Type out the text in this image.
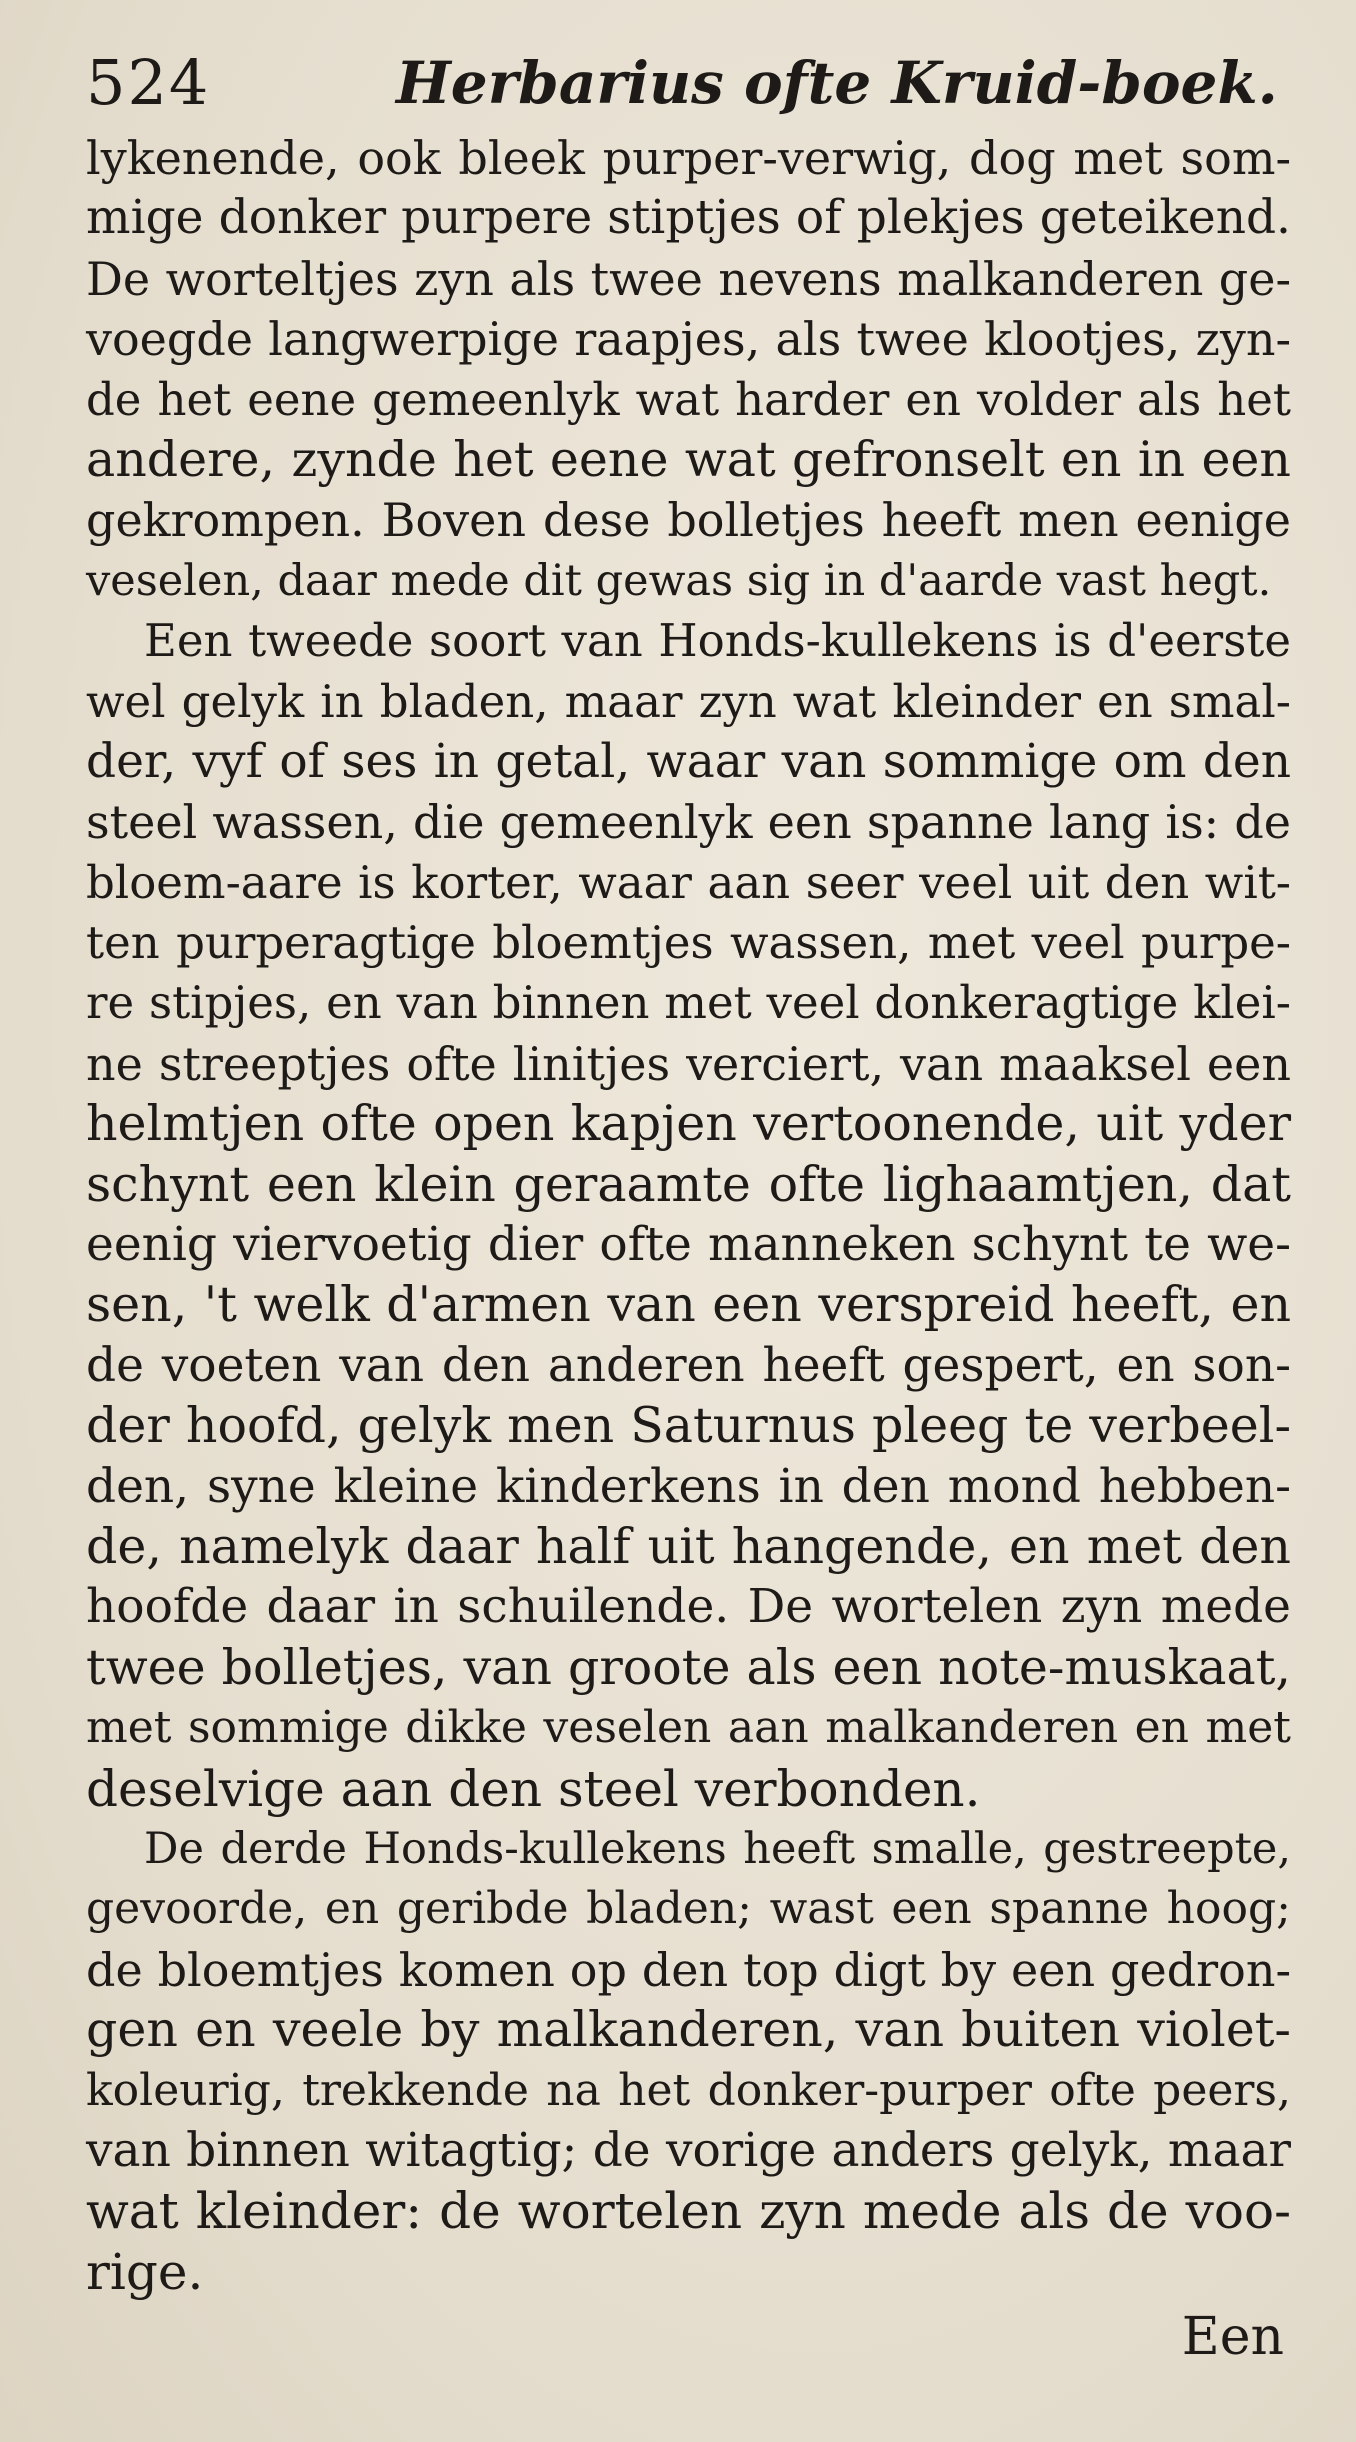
524	Herbarius ofte Kruid-boek.
lykenende, ook bleek purper-verwig, dog met som-
mige donker purpere stiptjes of plekjes geteikend.
De worteltjes zyn als twee nevens malkanderen ge-
voegde langwerpige raapjes, als twee klootjes, zyn-
de het eene gemeenlyk wat harder en volder als het
andere, zynde het eene wat gefronselt en in een
gekrompen. Boven dese bolletjes heeft men eenige
veselen, daar mede dit gewas sig in d'aarde vast hegt.
Een tweede soort van Honds-kullekens is d'eerste
wel gelyk in bladen, maar zyn wat kleinder en smal-
der, vyf of ses in getal, waar van sommige om den
steel wassen, die gemeenlyk een spanne lang is: de
bloem-aare is korter, waar aan seer veel uit den wit-
ten purperagtige bloemtjes wassen, met veel purpe-
re stipjes, en van binnen met veel donkeragtige klei-
ne streeptjes ofte linitjes verciert, van maaksel een
helmtjen ofte open kapjen vertoonende, uit yder
schynt een klein geraamte ofte lighaamtjen, dat
eenig viervoetig dier ofte manneken schynt te we-
sen, 't welk d'armen van een verspreid heeft, en
de voeten van den anderen heeft gespert, en son-
der hoofd, gelyk men Saturnus pleeg te verbeel-
den, syne kleine kinderkens in den mond hebben-
de, namelyk daar half uit hangende, en met den
hoofde daar in schuilende. De wortelen zyn mede
twee bolletjes, van groote als een note-muskaat,
met sommige dikke veselen aan malkanderen en met
deselvige aan den steel verbonden.
De derde Honds-kullekens heeft smalle, gestreepte,
gevoorde, en geribde bladen; wast een spanne hoog;
de bloemtjes komen op den top digt by een gedron-
gen en veele by malkanderen, van buiten violet-
koleurig, trekkende na het donker-purper ofte peers,
van binnen witagtig; de vorige anders gelyk, maar
wat kleinder: de wortelen zyn mede als de voo-
rige.
Een
